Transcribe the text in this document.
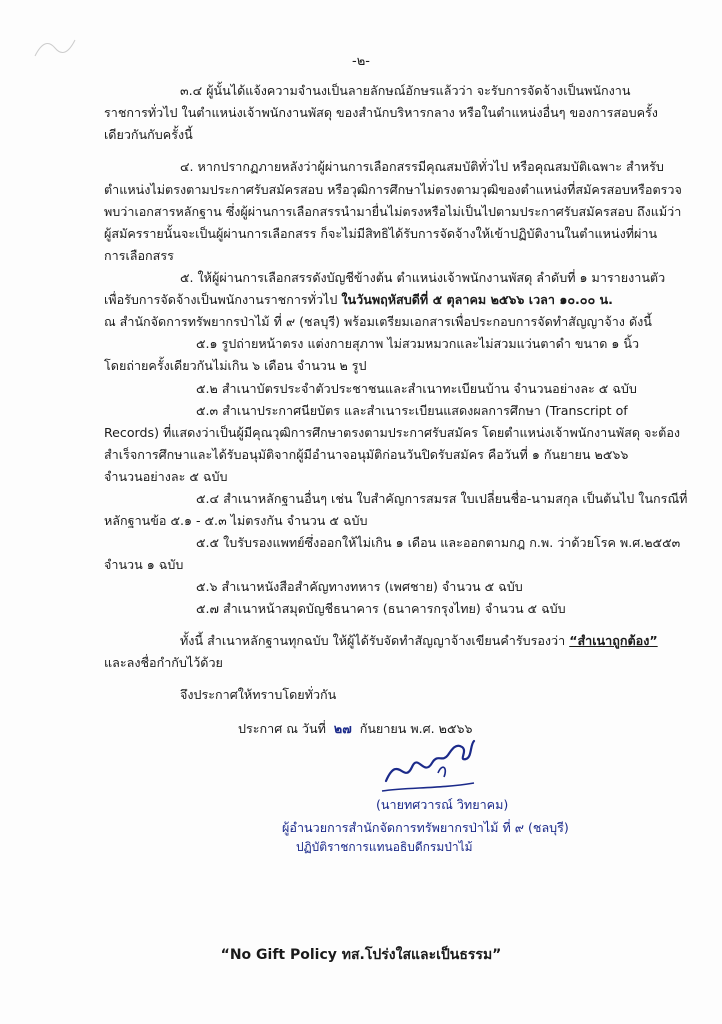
-๒-
๓.๔ ผู้นั้นได้แจ้งความจำนงเป็นลายลักษณ์อักษรแล้วว่า จะรับการจัดจ้างเป็นพนักงาน
ราชการทั่วไป ในตำแหน่งเจ้าพนักงานพัสดุ ของสำนักบริหารกลาง หรือในตำแหน่งอื่นๆ ของการสอบครั้ง
เดียวกันกับครั้งนี้
๔. หากปรากฏภายหลังว่าผู้ผ่านการเลือกสรรมีคุณสมบัติทั่วไป หรือคุณสมบัติเฉพาะ สำหรับ
ตำแหน่งไม่ตรงตามประกาศรับสมัครสอบ หรือวุฒิการศึกษาไม่ตรงตามวุฒิของตำแหน่งที่สมัครสอบหรือตรวจ
พบว่าเอกสารหลักฐาน ซึ่งผู้ผ่านการเลือกสรรนำมายื่นไม่ตรงหรือไม่เป็นไปตามประกาศรับสมัครสอบ ถึงแม้ว่า
ผู้สมัครรายนั้นจะเป็นผู้ผ่านการเลือกสรร ก็จะไม่มีสิทธิได้รับการจัดจ้างให้เข้าปฏิบัติงานในตำแหน่งที่ผ่าน
การเลือกสรร
๕. ให้ผู้ผ่านการเลือกสรรดังบัญชีข้างต้น ตำแหน่งเจ้าพนักงานพัสดุ ลำดับที่ ๑ มารายงานตัว
เพื่อรับการจัดจ้างเป็นพนักงานราชการทั่วไป ในวันพฤหัสบดีที่ ๕ ตุลาคม ๒๕๖๖ เวลา ๑๐.๐๐ น.
ณ สำนักจัดการทรัพยากรป่าไม้ ที่ ๙ (ชลบุรี) พร้อมเตรียมเอกสารเพื่อประกอบการจัดทำสัญญาจ้าง ดังนี้
๕.๑ รูปถ่ายหน้าตรง แต่งกายสุภาพ ไม่สวมหมวกและไม่สวมแว่นตาดำ ขนาด ๑ นิ้ว
โดยถ่ายครั้งเดียวกันไม่เกิน ๖ เดือน จำนวน ๒ รูป
๕.๒ สำเนาบัตรประจำตัวประชาชนและสำเนาทะเบียนบ้าน จำนวนอย่างละ ๕ ฉบับ
๕.๓ สำเนาประกาศนียบัตร และสำเนาระเบียนแสดงผลการศึกษา (Transcript of
Records) ที่แสดงว่าเป็นผู้มีคุณวุฒิการศึกษาตรงตามประกาศรับสมัคร โดยตำแหน่งเจ้าพนักงานพัสดุ จะต้อง
สำเร็จการศึกษาและได้รับอนุมัติจากผู้มีอำนาจอนุมัติก่อนวันปิดรับสมัคร คือวันที่ ๑ กันยายน ๒๕๖๖
จำนวนอย่างละ ๕ ฉบับ
๕.๔ สำเนาหลักฐานอื่นๆ เช่น ใบสำคัญการสมรส ใบเปลี่ยนชื่อ-นามสกุล เป็นต้นไป ในกรณีที่
หลักฐานข้อ ๕.๑ - ๕.๓ ไม่ตรงกัน จำนวน ๕ ฉบับ
๕.๕ ใบรับรองแพทย์ซึ่งออกให้ไม่เกิน ๑ เดือน และออกตามกฎ ก.พ. ว่าด้วยโรค พ.ศ.๒๕๕๓
จำนวน ๑ ฉบับ
๕.๖ สำเนาหนังสือสำคัญทางทหาร (เพศชาย) จำนวน ๕ ฉบับ
๕.๗ สำเนาหน้าสมุดบัญชีธนาคาร (ธนาคารกรุงไทย) จำนวน ๕ ฉบับ
ทั้งนี้ สำเนาหลักฐานทุกฉบับ ให้ผู้ได้รับจัดทำสัญญาจ้างเขียนคำรับรองว่า “สำเนาถูกต้อง”
และลงชื่อกำกับไว้ด้วย
จึงประกาศให้ทราบโดยทั่วกัน
ประกาศ ณ วันที่ ๒๗ กันยายน พ.ศ. ๒๕๖๖
(นายทศวารณ์ วิทยาคม)
ผู้อำนวยการสำนักจัดการทรัพยากรป่าไม้ ที่ ๙ (ชลบุรี)
ปฏิบัติราชการแทนอธิบดีกรมป่าไม้
“No Gift Policy ทส.โปร่งใสและเป็นธรรม”
